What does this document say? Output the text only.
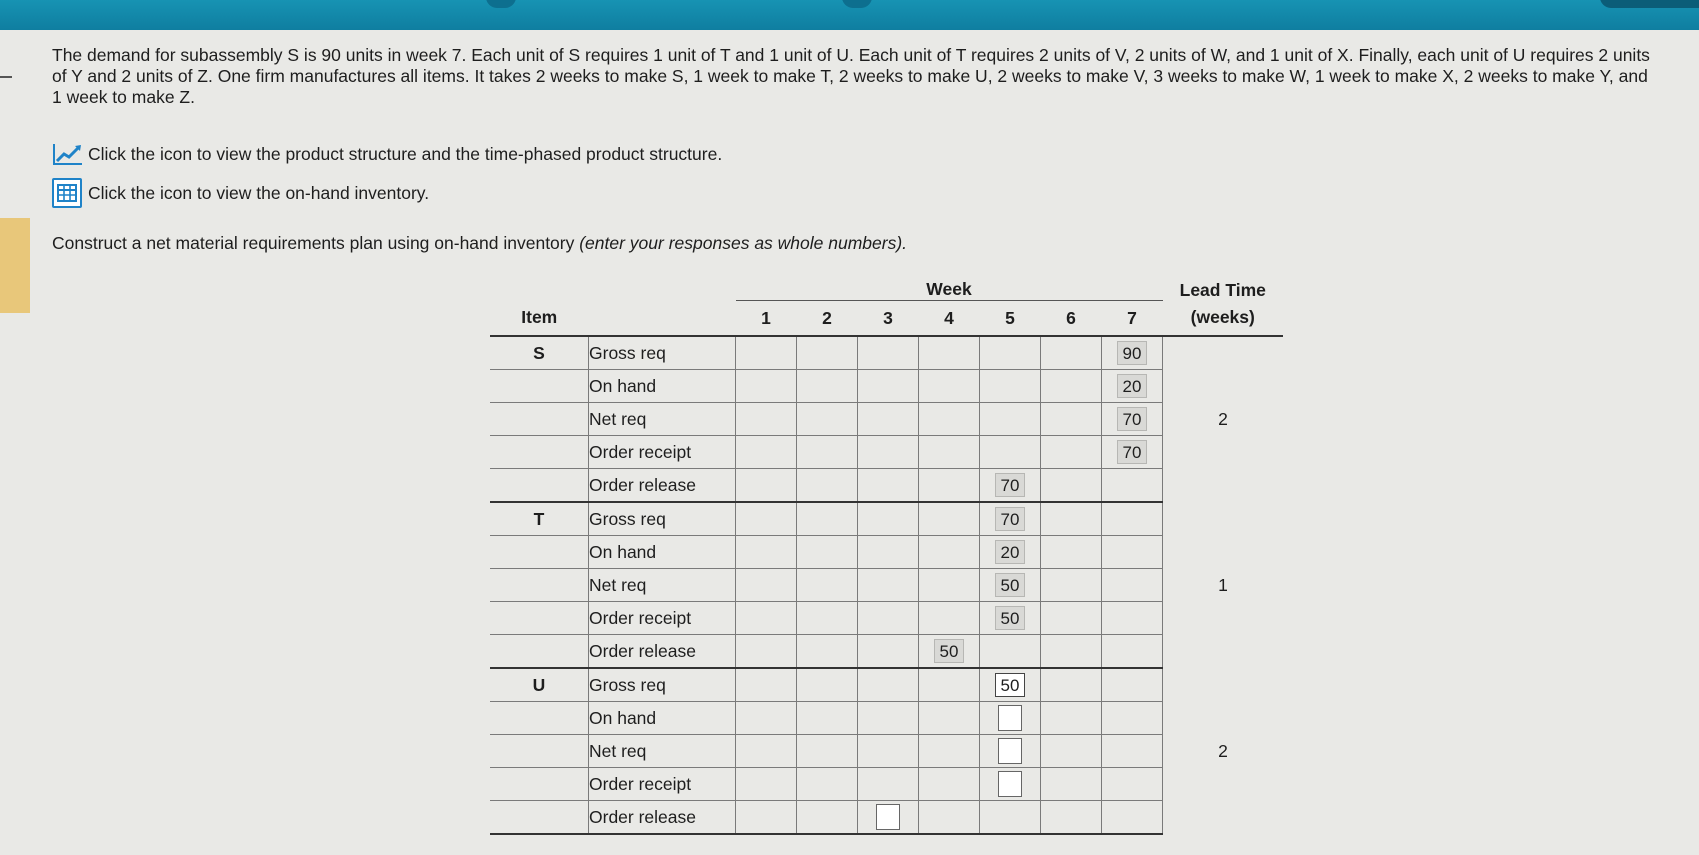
The demand for subassembly S is 90 units in week 7. Each unit of S requires 1 unit of T and 1 unit of U. Each unit of T requires 2 units of V, 2 units of W, and 1 unit of X. Finally, each unit of U requires 2 units of Y and 2 units of Z. One firm manufactures all items. It takes 2 weeks to make S, 1 week to make T, 2 weeks to make U, 2 weeks to make V, 3 weeks to make W, 1 week to make X, 2 weeks to make Y, and 1 week to make Z.
Click the icon to view the product structure and the time-phased product structure.
Click the icon to view the on-hand inventory.
Construct a net material requirements plan using on-hand inventory (enter your responses as whole numbers).
		Week							Lead Time
Item		1	2	3	4	5	6	7	(weeks)
S	Gross req							90	2
	On hand							20	
	Net req							70	
	Order receipt							70	
	Order release					70			
T	Gross req					70			1
	On hand					20			
	Net req					50			
	Order receipt					50			
	Order release				50				
U	Gross req					50			2
	On hand								
	Net req								
	Order receipt								
	Order release								
